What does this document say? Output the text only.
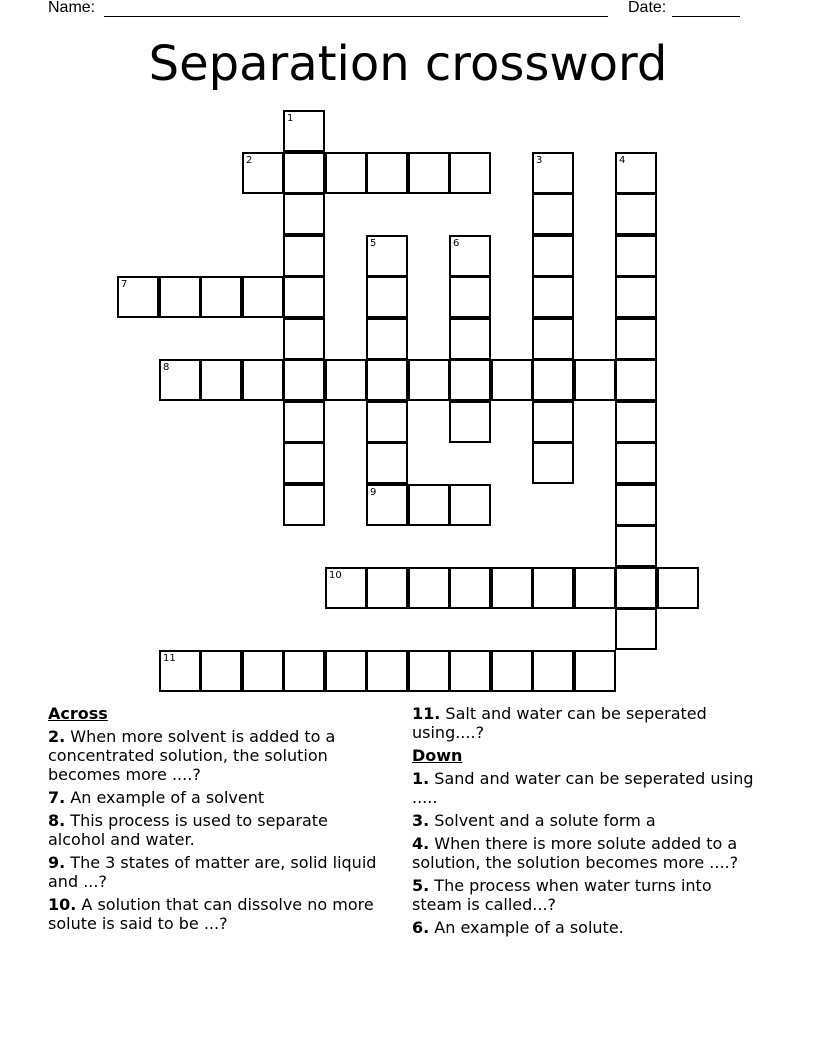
Name:	Date:
Separation crossword
1
2	3	4
5
9
6
7
8
10
11
Across
2. When more solvent is added to a concentrated solution, the solution becomes more ....?
7. An example of a solvent
8. This process is used to separate alcohol and water.
9. The 3 states of matter are, solid liquid and ...?
10. A solution that can dissolve no more solute is said to be ...?
11. Salt and water can be seperated using....?
Down
1. Sand and water can be seperated using .....
3. Solvent and a solute form a
4. When there is more solute added to a solution, the solution becomes more ....?
5. The process when water turns into steam is called...?
6. An example of a solute.
